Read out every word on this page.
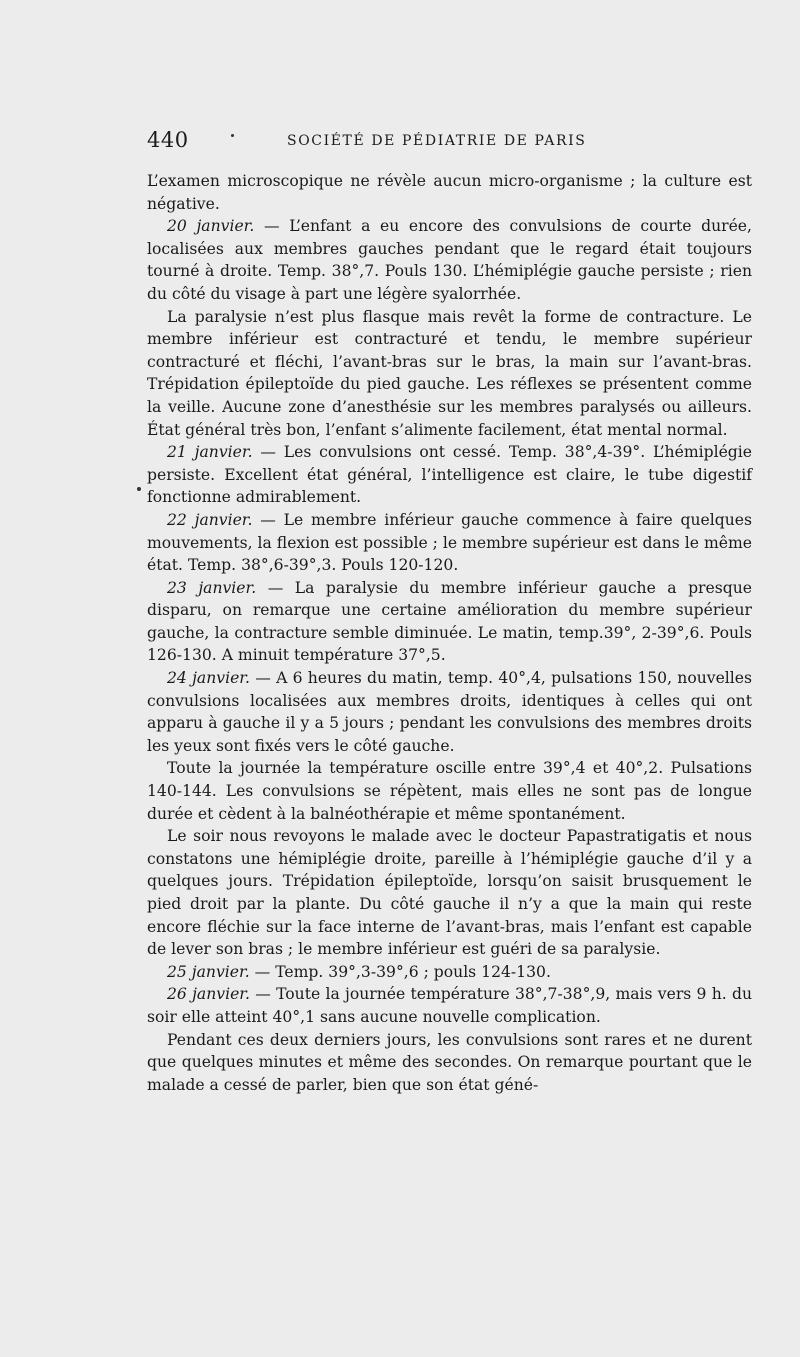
440	SOCIÉTÉ DE PÉDIATRIE DE PARIS

L’examen microscopique ne révèle aucun micro-organisme ; la culture est négative.

20 janvier. — L’enfant a eu encore des convulsions de courte durée, localisées aux membres gauches pendant que le regard était toujours tourné à droite. Temp. 38°,7. Pouls 130. L’hémiplégie gauche persiste ; rien du côté du visage à part une légère syalorrhée.

La paralysie n’est plus flasque mais revêt la forme de contracture. Le membre inférieur est contracturé et tendu, le membre supérieur contracturé et fléchi, l’avant-bras sur le bras, la main sur l’avant-bras. Trépidation épileptoïde du pied gauche. Les réflexes se présentent comme la veille. Aucune zone d’anesthésie sur les membres paralysés ou ailleurs. État général très bon, l’enfant s’alimente facilement, état mental normal.

21 janvier. — Les convulsions ont cessé. Temp. 38°,4-39°. L’hémiplégie persiste. Excellent état général, l’intelligence est claire, le tube digestif fonctionne admirablement.

22 janvier. — Le membre inférieur gauche commence à faire quelques mouvements, la flexion est possible ; le membre supérieur est dans le même état. Temp. 38°,6-39°,3. Pouls 120-120.

23 janvier. — La paralysie du membre inférieur gauche a presque disparu, on remarque une certaine amélioration du membre supérieur gauche, la contracture semble diminuée. Le matin, temp.39°, 2-39°,6. Pouls 126-130. A minuit température 37°,5.

24 janvier. — A 6 heures du matin, temp. 40°,4, pulsations 150, nouvelles convulsions localisées aux membres droits, identiques à celles qui ont apparu à gauche il y a 5 jours ; pendant les convulsions des membres droits les yeux sont fixés vers le côté gauche.

Toute la journée la température oscille entre 39°,4 et 40°,2. Pulsations 140-144. Les convulsions se répètent, mais elles ne sont pas de longue durée et cèdent à la balnéothérapie et même spontanément.

Le soir nous revoyons le malade avec le docteur Papastratigatis et nous constatons une hémiplégie droite, pareille à l’hémiplégie gauche d’il y a quelques jours. Trépidation épileptoïde, lorsqu’on saisit brusquement le pied droit par la plante. Du côté gauche il n’y a que la main qui reste encore fléchie sur la face interne de l’avant-bras, mais l’enfant est capable de lever son bras ; le membre inférieur est guéri de sa paralysie.

25 janvier. — Temp. 39°,3-39°,6 ; pouls 124-130.

26 janvier. — Toute la journée température 38°,7-38°,9, mais vers 9 h. du soir elle atteint 40°,1 sans aucune nouvelle complication.

Pendant ces deux derniers jours, les convulsions sont rares et ne durent que quelques minutes et même des secondes. On remarque pourtant que le malade a cessé de parler, bien que son état géné-
